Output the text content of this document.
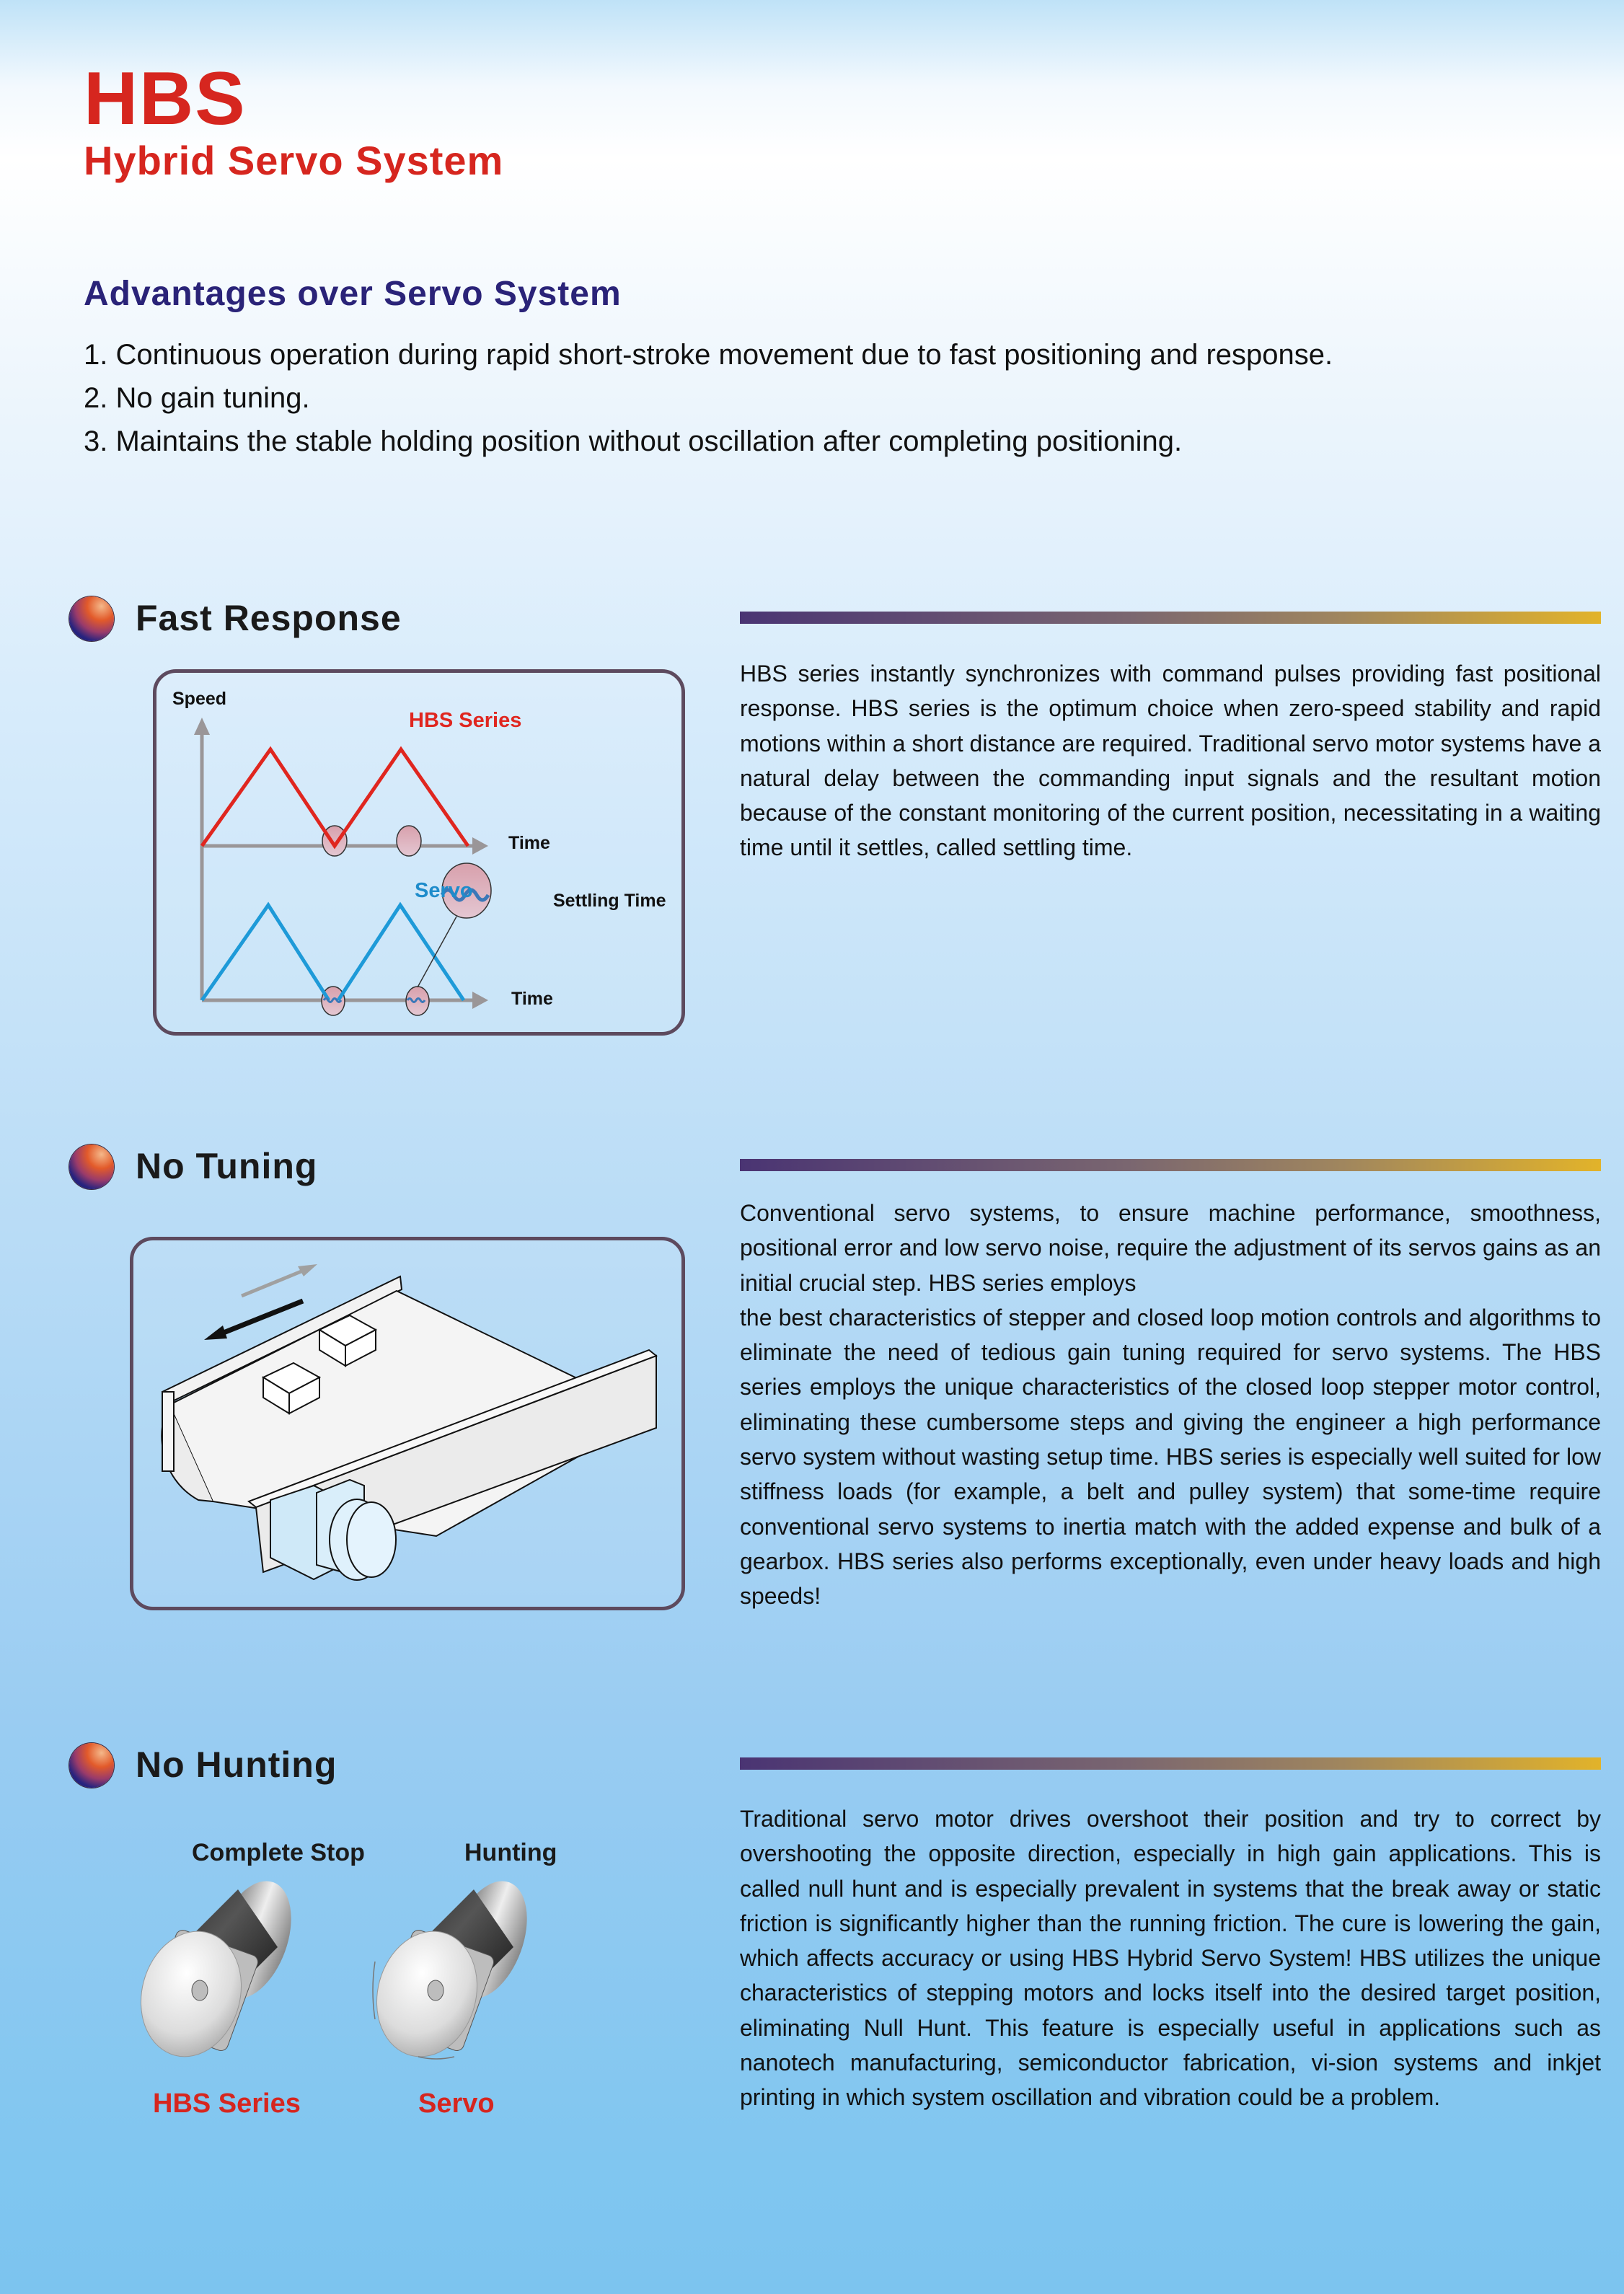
HBS
Hybrid Servo System
Advantages over Servo System
1. Continuous operation during rapid short-stroke movement due to fast positioning and response.
2. No gain tuning.
3. Maintains the stable holding position without oscillation after completing positioning.
Fast Response

HBS series instantly synchronizes with command pulses providing fast positional response. HBS series is the optimum choice when zero-speed stability and rapid motions within a short distance are required. Traditional servo motor systems have a natural delay between the commanding input signals and the resultant motion because of the constant monitoring of the current position, necessitating in a waiting time until it settles, called settling time.

Speed
HBS Series
Time
Servo	Settling Time
Time
No Tuning

Conventional servo systems, to ensure machine performance, smoothness, positional error and low servo noise, require the adjustment of its servos gains as an initial crucial step. HBS series employs

the best characteristics of stepper and closed loop motion controls and algorithms to eliminate the need of tedious gain tuning required for servo systems. The HBS series employs the unique characteristics of the closed loop stepper motor control, eliminating these cumbersome steps and giving the engineer a high performance servo system without wasting setup time. HBS series is especially well suited for low stiffness loads (for example, a belt and pulley system) that some-time require conventional servo systems to inertia match with the added expense and bulk of a gearbox. HBS series also performs exceptionally, even under heavy loads and high speeds!

No Hunting

Traditional servo motor drives overshoot their position and try to correct by overshooting the opposite direction, especially in high gain applications. This is called null hunt and is especially prevalent in systems that the break away or static friction is significantly higher than the running friction. The cure is lowering the gain, which affects accuracy or using HBS Hybrid Servo System! HBS utilizes the unique characteristics of stepping motors and locks itself into the desired target position, eliminating Null Hunt. This feature is especially useful in applications such as nanotech manufacturing, semiconductor fabrication, vi-sion systems and inkjet printing in which system oscillation and vibration could be a problem.

Complete Stop	Hunting
HBS Series	Servo
